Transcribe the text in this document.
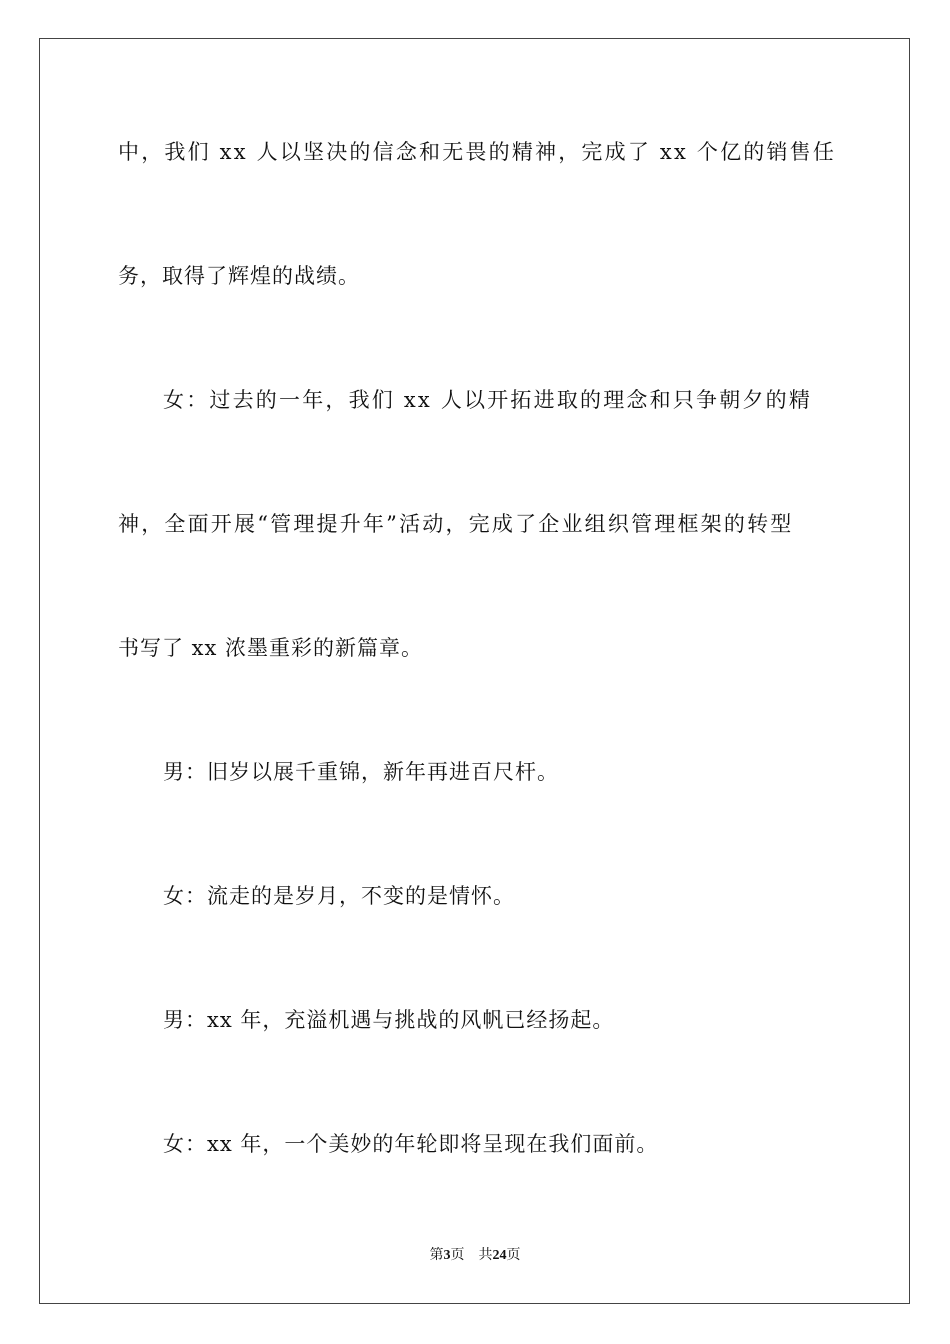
中，我们 xx 人以坚决的信念和无畏的精神，完成了 xx 个亿的销售任
务，取得了辉煌的战绩。
女：过去的一年，我们 xx 人以开拓进取的理念和只争朝夕的精
神，全面开展“管理提升年”活动，完成了企业组织管理框架的转型
书写了 xx 浓墨重彩的新篇章。
男：旧岁以展千重锦，新年再进百尺杆。
女：流走的是岁月，不变的是情怀。
男：xx 年，充溢机遇与挑战的风帆已经扬起。
女：xx 年，一个美妙的年轮即将呈现在我们面前。
第3页 共24页
